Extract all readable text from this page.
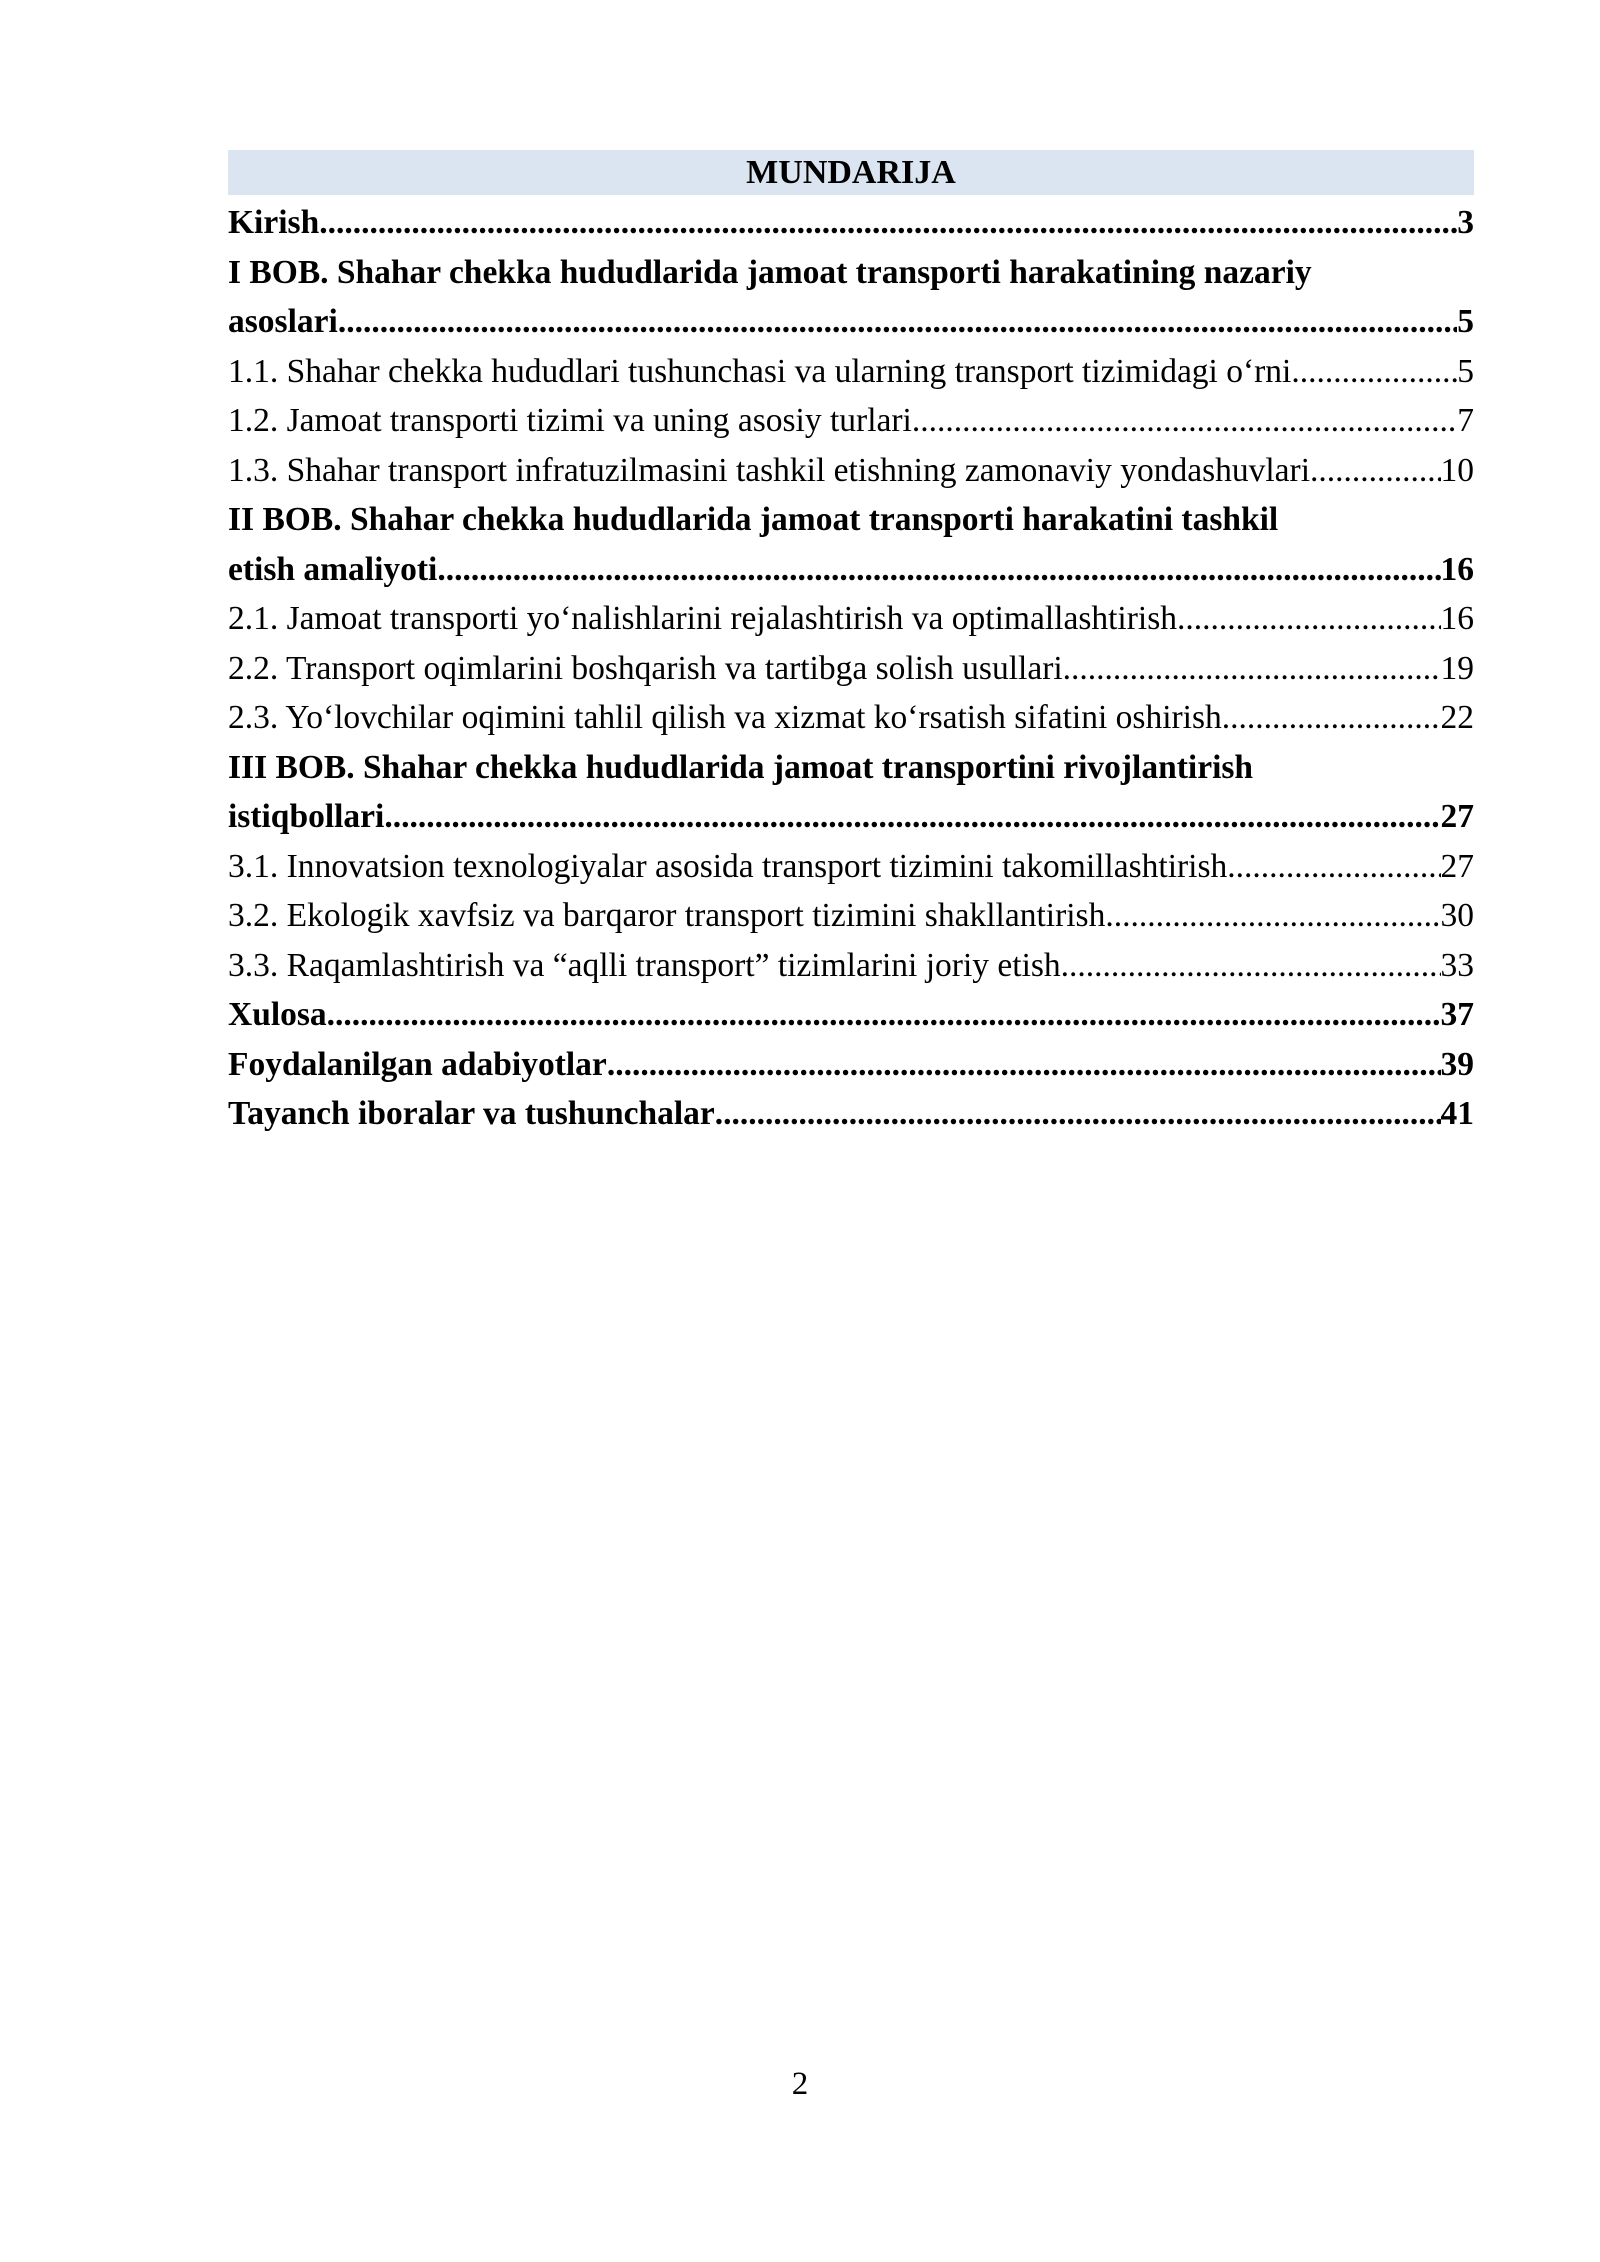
MUNDARIJA
Kirish .....	3
I BOB. Shahar chekka hududlarida jamoat transporti harakatining nazariy
asoslari .....	5
1.1. Shahar chekka hududlari tushunchasi va ularning transport tizimidagi o‘rni .....	5
1.2. Jamoat transporti tizimi va uning asosiy turlari .....	7
1.3. Shahar transport infratuzilmasini tashkil etishning zamonaviy yondashuvlari .....	10
II BOB. Shahar chekka hududlarida jamoat transporti harakatini tashkil
etish amaliyoti .....	16
2.1. Jamoat transporti yo‘nalishlarini rejalashtirish va optimallashtirish .....	16
2.2. Transport oqimlarini boshqarish va tartibga solish usullari .....	19
2.3. Yo‘lovchilar oqimini tahlil qilish va xizmat ko‘rsatish sifatini oshirish .....	22
III BOB. Shahar chekka hududlarida jamoat transportini rivojlantirish
istiqbollari .....	27
3.1. Innovatsion texnologiyalar asosida transport tizimini takomillashtirish .....	27
3.2. Ekologik xavfsiz va barqaror transport tizimini shakllantirish .....	30
3.3. Raqamlashtirish va “aqlli transport” tizimlarini joriy etish .....	33
Xulosa .....	37
Foydalanilgan adabiyotlar .....	39
Tayanch iboralar va tushunchalar .....	41
2
